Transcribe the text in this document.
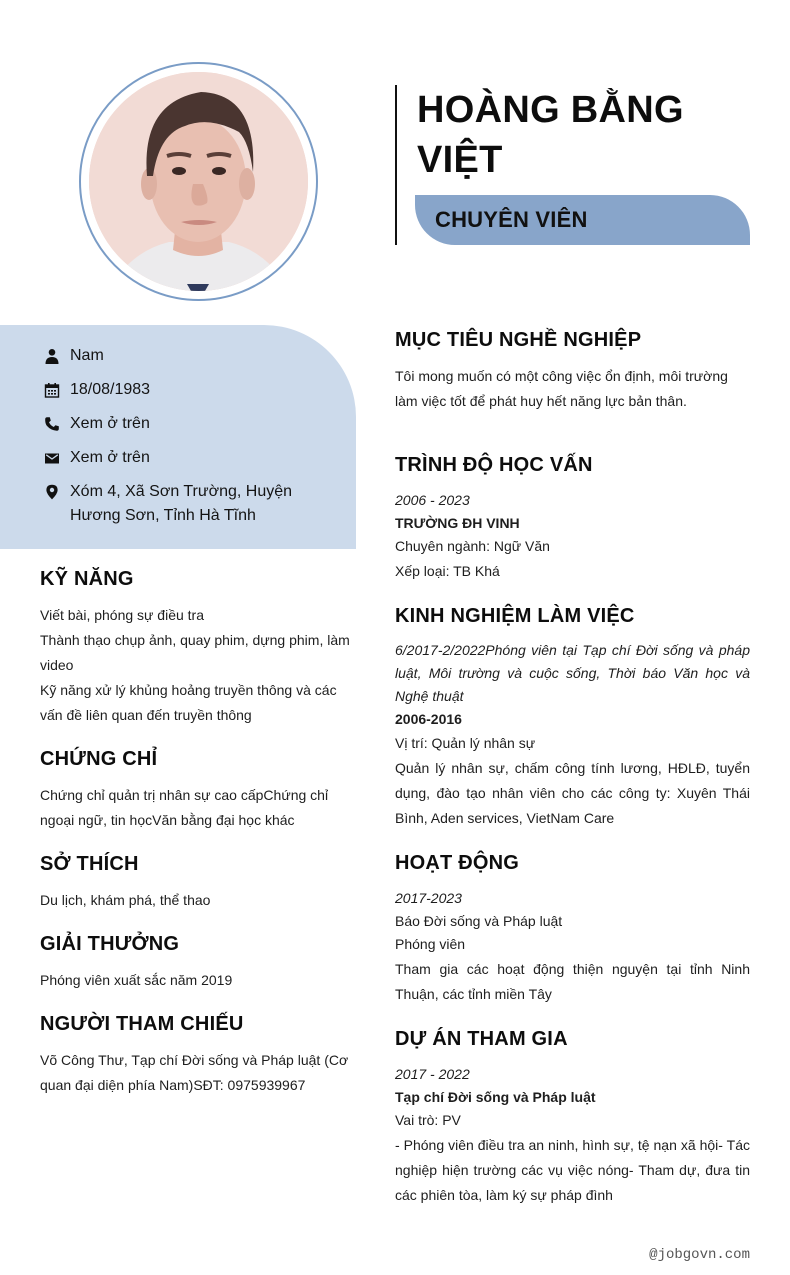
HOÀNG BẰNG VIỆT
CHUYÊN VIÊN
Nam
18/08/1983
Xem ở trên
Xem ở trên
Xóm 4, Xã Sơn Trường, Huyện Hương Sơn, Tỉnh Hà Tĩnh
KỸ NĂNG
Viết bài, phóng sự điều tra
Thành thạo chụp ảnh, quay phim, dựng phim, làm video
Kỹ năng xử lý khủng hoảng truyền thông và các vấn đề liên quan đến truyền thông
CHỨNG CHỈ
Chứng chỉ quản trị nhân sự cao cấpChứng chỉ ngoại ngữ, tin họcVăn bằng đại học khác
SỞ THÍCH
Du lịch, khám phá, thể thao
GIẢI THƯỞNG
Phóng viên xuất sắc năm 2019
NGƯỜI THAM CHIẾU
Võ Công Thư, Tạp chí Đời sống và Pháp luật (Cơ quan đại diện phía Nam)SĐT: 0975939967
MỤC TIÊU NGHỀ NGHIỆP
Tôi mong muốn có một công việc ổn định, môi trường làm việc tốt để phát huy hết năng lực bản thân.
TRÌNH ĐỘ HỌC VẤN
2006 - 2023
TRƯỜNG ĐH VINH
Chuyên ngành: Ngữ Văn
Xếp loại: TB Khá
KINH NGHIỆM LÀM VIỆC
6/2017-2/2022Phóng viên tại Tạp chí Đời sống và pháp luật, Môi trường và cuộc sống, Thời báo Văn học và Nghệ thuật
2006-2016
Vị trí: Quản lý nhân sự
Quản lý nhân sự, chấm công tính lương, HĐLĐ, tuyển dụng, đào tạo nhân viên cho các công ty: Xuyên Thái Bình, Aden services, VietNam Care
HOẠT ĐỘNG
2017-2023
Báo Đời sống và Pháp luật
Phóng viên
Tham gia các hoạt động thiện nguyện tại tỉnh Ninh Thuận, các tỉnh miền Tây
DỰ ÁN THAM GIA
2017 - 2022
Tạp chí Đời sống và Pháp luật
Vai trò: PV
- Phóng viên điều tra an ninh, hình sự, tệ nạn xã hội- Tác nghiệp hiện trường các vụ việc nóng- Tham dự, đưa tin các phiên tòa, làm ký sự pháp đình
@jobgovn.com
